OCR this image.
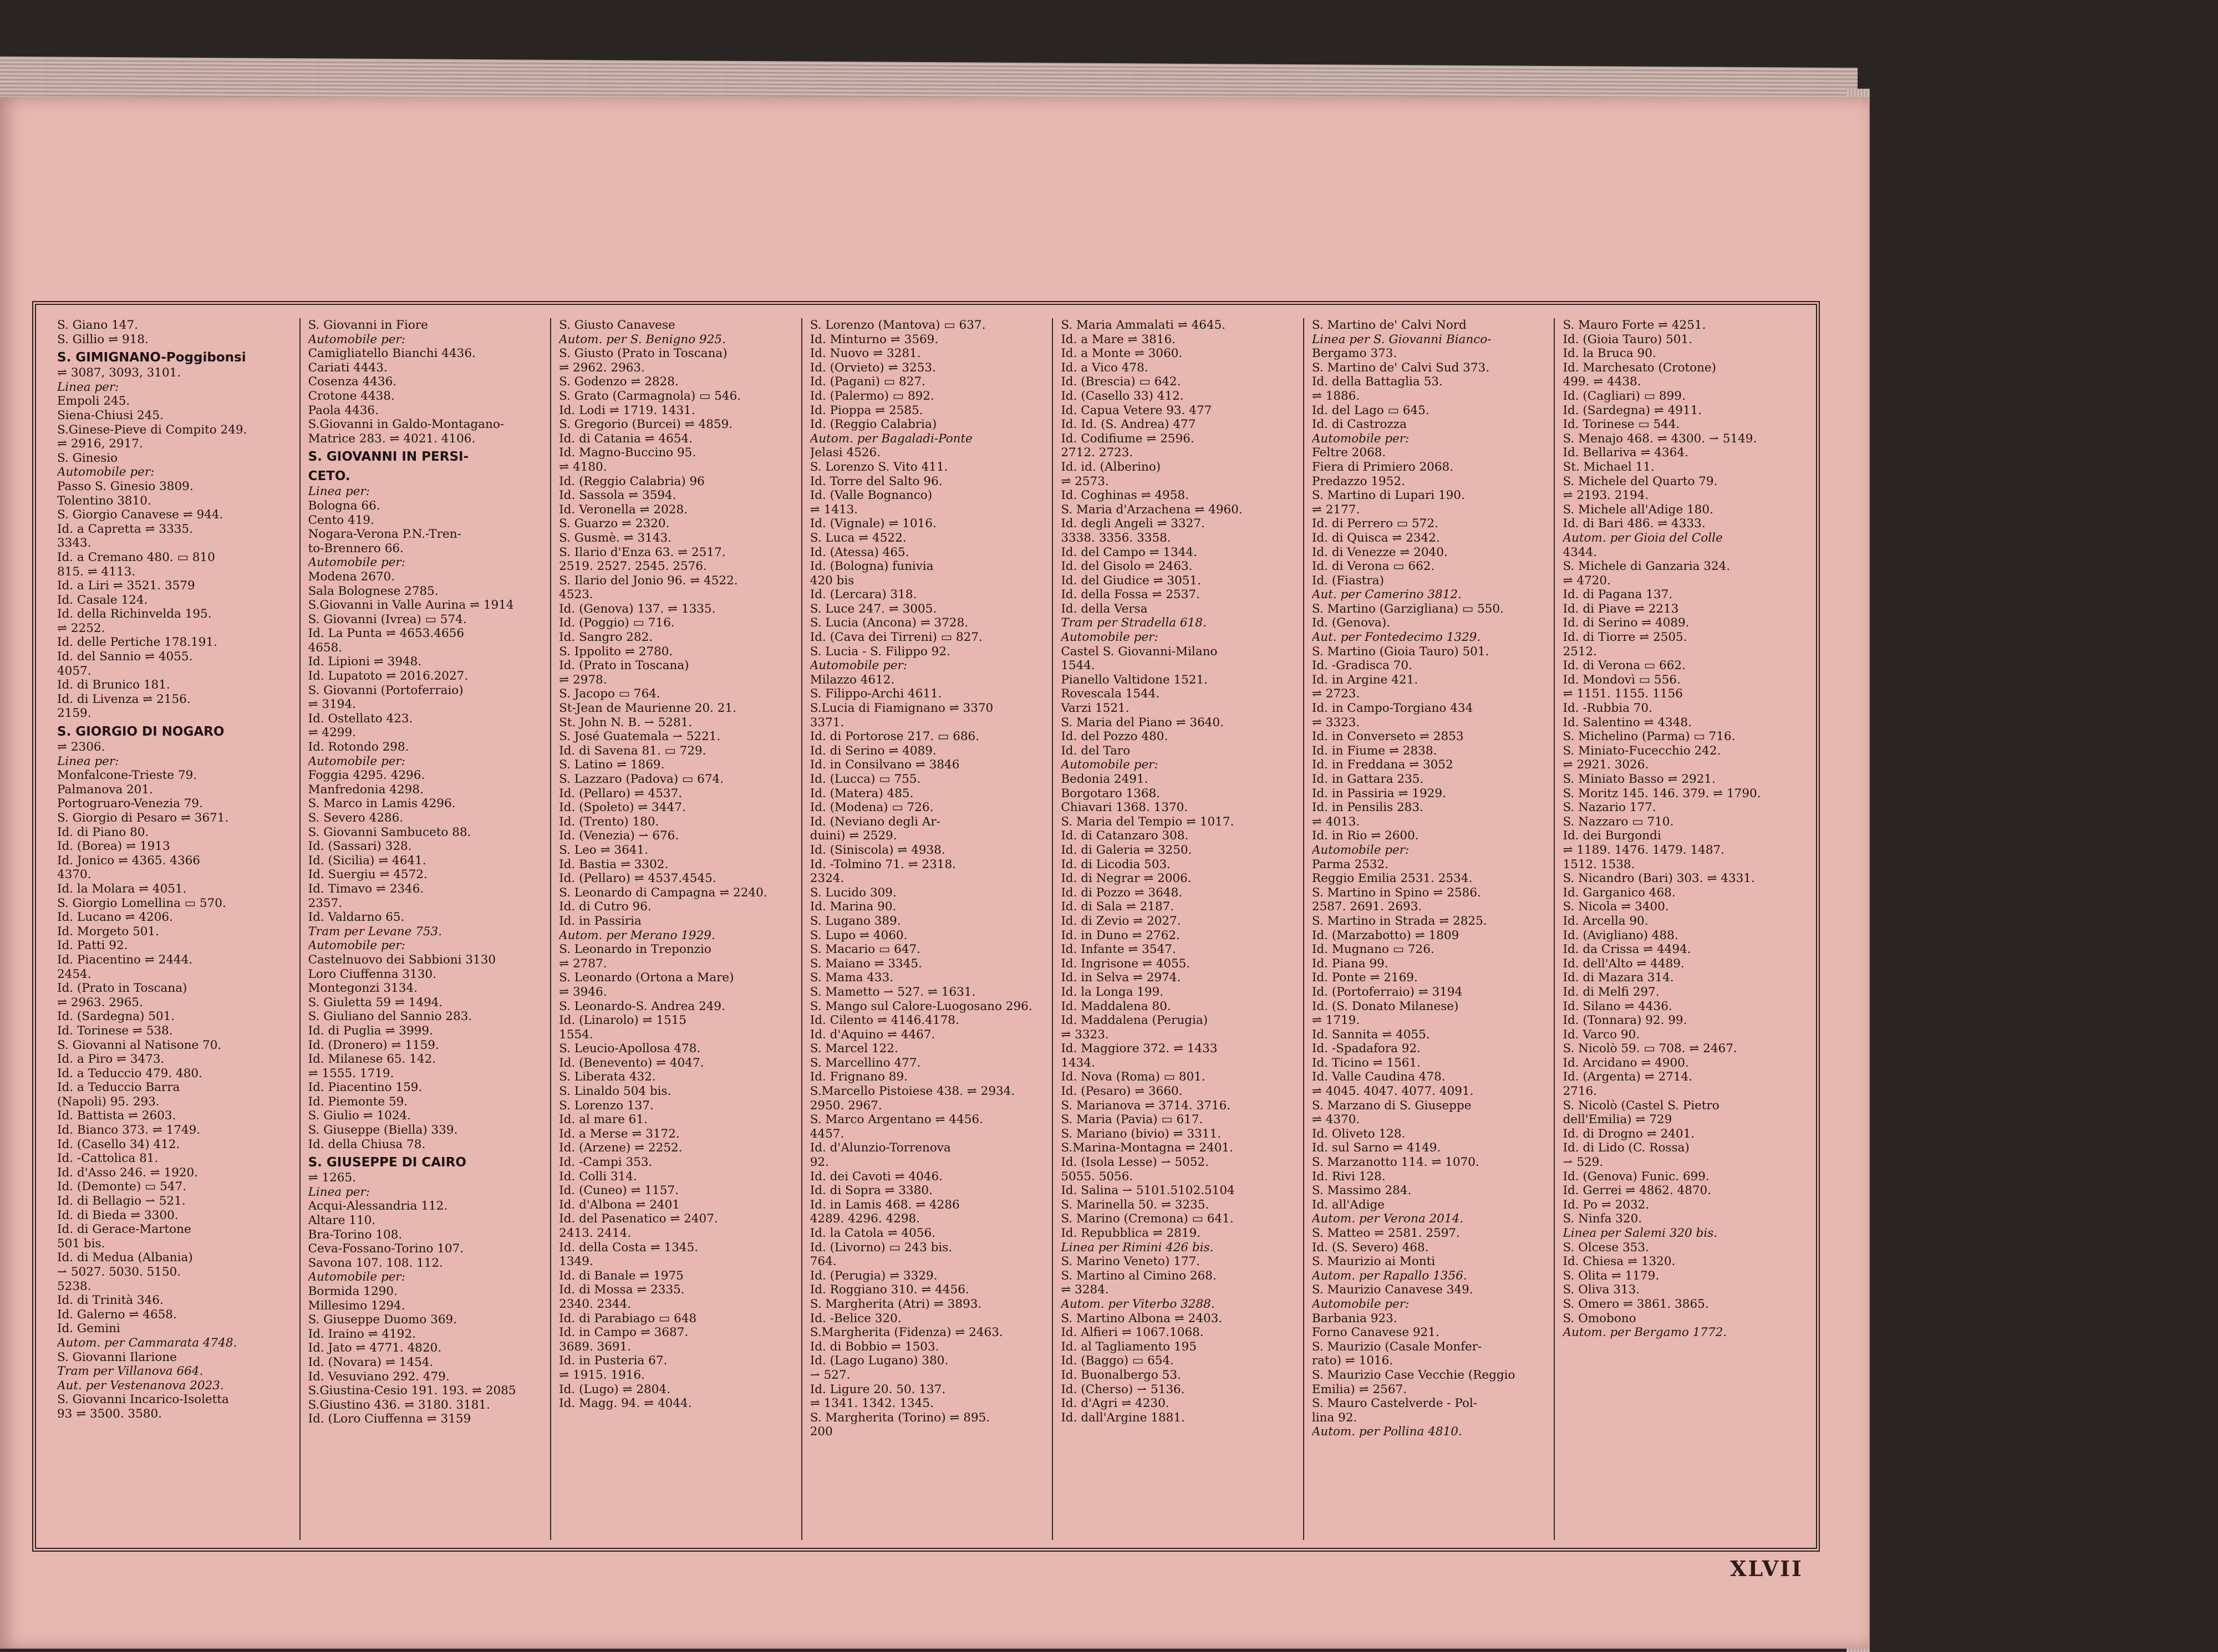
S. Giano 147.
S. Gillio ⇌ 918.
S. GIMIGNANO-Poggibonsi
⇌ 3087, 3093, 3101.
Linea per:
Empoli 245.
Siena-Chiusi 245.
S.Ginese-Pieve di Compito 249.
⇌ 2916, 2917.
S. Ginesio
Automobile per:
Passo S. Ginesio 3809.
Tolentino 3810.
S. Giorgio Canavese ⇌ 944.
Id. a Capretta ⇌ 3335.
3343.
Id. a Cremano 480. ▭ 810
815. ⇌ 4113.
Id. a Liri ⇌ 3521. 3579
Id. Casale 124.
Id. della Richinvelda 195.
⇌ 2252.
Id. delle Pertiche 178.191.
Id. del Sannio ⇌ 4055.
4057.
Id. di Brunico 181.
Id. di Livenza ⇌ 2156.
2159.
S. GIORGIO DI NOGARO
⇌ 2306.
Linea per:
Monfalcone-Trieste 79.
Palmanova 201.
Portogruaro-Venezia 79.
S. Giorgio di Pesaro ⇌ 3671.
Id. di Piano 80.
Id. (Borea) ⇌ 1913
Id. Jonico ⇌ 4365. 4366
4370.
Id. la Molara ⇌ 4051.
S. Giorgio Lomellina ▭ 570.
Id. Lucano ⇌ 4206.
Id. Morgeto 501.
Id. Patti 92.
Id. Piacentino ⇌ 2444.
2454.
Id. (Prato in Toscana)
⇌ 2963. 2965.
Id. (Sardegna) 501.
Id. Torinese ⇌ 538.
S. Giovanni al Natisone 70.
Id. a Piro ⇌ 3473.
Id. a Teduccio 479. 480.
Id. a Teduccio Barra
(Napoli) 95. 293.
Id. Battista ⇌ 2603.
Id. Bianco 373. ⇌ 1749.
Id. (Casello 34) 412.
Id. -Cattolica 81.
Id. d'Asso 246. ⇌ 1920.
Id. (Demonte) ▭ 547.
Id. di Bellagio ⇀ 521.
Id. di Bieda ⇌ 3300.
Id. di Gerace-Martone
501 bis.
Id. di Medua (Albania)
⇀ 5027. 5030. 5150.
5238.
Id. di Trinità 346.
Id. Galerno ⇌ 4658.
Id. Gemini
Autom. per Cammarata 4748.
S. Giovanni Ilarione
Tram per Villanova 664.
Aut. per Vestenanova 2023.
S. Giovanni Incarico-Isoletta
93 ⇌ 3500. 3580.
S. Giovanni in Fiore
Automobile per:
Camigliatello Bianchi 4436.
Cariati 4443.
Cosenza 4436.
Crotone 4438.
Paola 4436.
S.Giovanni in Galdo-Montagano-
Matrice 283. ⇌ 4021. 4106.
S. GIOVANNI IN PERSI-
CETO.
Linea per:
Bologna 66.
Cento 419.
Nogara-Verona P.N.-Tren-
to-Brennero 66.
Automobile per:
Modena 2670.
Sala Bolognese 2785.
S.Giovanni in Valle Aurina ⇌ 1914
S. Giovanni (Ivrea) ▭ 574.
Id. La Punta ⇌ 4653.4656
4658.
Id. Lipioni ⇌ 3948.
Id. Lupatoto ⇌ 2016.2027.
S. Giovanni (Portoferraio)
⇌ 3194.
Id. Ostellato 423.
⇌ 4299.
Id. Rotondo 298.
Automobile per:
Foggia 4295. 4296.
Manfredonia 4298.
S. Marco in Lamis 4296.
S. Severo 4286.
S. Giovanni Sambuceto 88.
Id. (Sassari) 328.
Id. (Sicilia) ⇌ 4641.
Id. Suergiu ⇌ 4572.
Id. Timavo ⇌ 2346.
2357.
Id. Valdarno 65.
Tram per Levane 753.
Automobile per:
Castelnuovo dei Sabbioni 3130
Loro Ciuffenna 3130.
Montegonzi 3134.
S. Giuletta 59 ⇌ 1494.
S. Giuliano del Sannio 283.
Id. di Puglia ⇌ 3999.
Id. (Dronero) ⇌ 1159.
Id. Milanese 65. 142.
⇌ 1555. 1719.
Id. Piacentino 159.
Id. Piemonte 59.
S. Giulio ⇌ 1024.
S. Giuseppe (Biella) 339.
Id. della Chiusa 78.
S. GIUSEPPE DI CAIRO
⇌ 1265.
Linea per:
Acqui-Alessandria 112.
Altare 110.
Bra-Torino 108.
Ceva-Fossano-Torino 107.
Savona 107. 108. 112.
Automobile per:
Bormida 1290.
Millesimo 1294.
S. Giuseppe Duomo 369.
Id. Iraino ⇌ 4192.
Id. Jato ⇌ 4771. 4820.
Id. (Novara) ⇌ 1454.
Id. Vesuviano 292. 479.
S.Giustina-Cesio 191. 193. ⇌ 2085
S.Giustino 436. ⇌ 3180. 3181.
Id. (Loro Ciuffenna ⇌ 3159
S. Giusto Canavese
Autom. per S. Benigno 925.
S. Giusto (Prato in Toscana)
⇌ 2962. 2963.
S. Godenzo ⇌ 2828.
S. Grato (Carmagnola) ▭ 546.
Id. Lodi ⇌ 1719. 1431.
S. Gregorio (Burcei) ⇌ 4859.
Id. di Catania ⇌ 4654.
Id. Magno-Buccino 95.
⇌ 4180.
Id. (Reggio Calabria) 96
Id. Sassola ⇌ 3594.
Id. Veronella ⇌ 2028.
S. Guarzo ⇌ 2320.
S. Gusmè. ⇌ 3143.
S. Ilario d'Enza 63. ⇌ 2517.
2519. 2527. 2545. 2576.
S. Ilario del Jonio 96. ⇌ 4522.
4523.
Id. (Genova) 137. ⇌ 1335.
Id. (Poggio) ▭ 716.
Id. Sangro 282.
S. Ippolito ⇌ 2780.
Id. (Prato in Toscana)
⇌ 2978.
S. Jacopo ▭ 764.
St-Jean de Maurienne 20. 21.
St. John N. B. ⇀ 5281.
S. José Guatemala ⇀ 5221.
Id. di Savena 81. ▭ 729.
S. Latino ⇌ 1869.
S. Lazzaro (Padova) ▭ 674.
Id. (Pellaro) ⇌ 4537.
Id. (Spoleto) ⇌ 3447.
Id. (Trento) 180.
Id. (Venezia) ⇀ 676.
S. Leo ⇌ 3641.
Id. Bastia ⇌ 3302.
Id. (Pellaro) ⇌ 4537.4545.
S. Leonardo di Campagna ⇌ 2240.
Id. di Cutro 96.
Id. in Passiria
Autom. per Merano 1929.
S. Leonardo in Treponzio
⇌ 2787.
S. Leonardo (Ortona a Mare)
⇌ 3946.
S. Leonardo-S. Andrea 249.
Id. (Linarolo) ⇌ 1515
1554.
S. Leucio-Apollosa 478.
Id. (Benevento) ⇌ 4047.
S. Liberata 432.
S. Linaldo 504 bis.
S. Lorenzo 137.
Id. al mare 61.
Id. a Merse ⇌ 3172.
Id. (Arzene) ⇌ 2252.
Id. -Campi 353.
Id. Colli 314.
Id. (Cuneo) ⇌ 1157.
Id. d'Albona ⇌ 2401
Id. del Pasenatico ⇌ 2407.
2413. 2414.
Id. della Costa ⇌ 1345.
1349.
Id. di Banale ⇌ 1975
Id. di Mossa ⇌ 2335.
2340. 2344.
Id. di Parabiago ▭ 648
Id. in Campo ⇌ 3687.
3689. 3691.
Id. in Pusteria 67.
⇌ 1915. 1916.
Id. (Lugo) ⇌ 2804.
Id. Magg. 94. ⇌ 4044.
S. Lorenzo (Mantova) ▭ 637.
Id. Minturno ⇌ 3569.
Id. Nuovo ⇌ 3281.
Id. (Orvieto) ⇌ 3253.
Id. (Pagani) ▭ 827.
Id. (Palermo) ▭ 892.
Id. Pioppa ⇌ 2585.
Id. (Reggio Calabria)
Autom. per Bagaladi-Ponte
Jelasi 4526.
S. Lorenzo S. Vito 411.
Id. Torre del Salto 96.
Id. (Valle Bognanco)
⇌ 1413.
Id. (Vignale) ⇌ 1016.
S. Luca ⇌ 4522.
Id. (Atessa) 465.
Id. (Bologna) funivia
420 bis
Id. (Lercara) 318.
S. Luce 247. ⇌ 3005.
S. Lucia (Ancona) ⇌ 3728.
Id. (Cava dei Tirreni) ▭ 827.
S. Lucia - S. Filippo 92.
Automobile per:
Milazzo 4612.
S. Filippo-Archi 4611.
S.Lucia di Fiamignano ⇌ 3370
3371.
Id. di Portorose 217. ▭ 686.
Id. di Serino ⇌ 4089.
Id. in Consilvano ⇌ 3846
Id. (Lucca) ▭ 755.
Id. (Matera) 485.
Id. (Modena) ▭ 726.
Id. (Neviano degli Ar-
duini) ⇌ 2529.
Id. (Siniscola) ⇌ 4938.
Id. -Tolmino 71. ⇌ 2318.
2324.
S. Lucido 309.
Id. Marina 90.
S. Lugano 389.
S. Lupo ⇌ 4060.
S. Macario ▭ 647.
S. Maiano ⇌ 3345.
S. Mama 433.
S. Mametto ⇀ 527. ⇌ 1631.
S. Mango sul Calore-Luogosano 296.
Id. Cilento ⇌ 4146.4178.
Id. d'Aquino ⇌ 4467.
S. Marcel 122.
S. Marcellino 477.
Id. Frignano 89.
S.Marcello Pistoiese 438. ⇌ 2934.
2950. 2967.
S. Marco Argentano ⇌ 4456.
4457.
Id. d'Alunzio-Torrenova
92.
Id. dei Cavoti ⇌ 4046.
Id. di Sopra ⇌ 3380.
Id. in Lamis 468. ⇌ 4286
4289. 4296. 4298.
Id. la Catola ⇌ 4056.
Id. (Livorno) ▭ 243 bis.
764.
Id. (Perugia) ⇌ 3329.
Id. Roggiano 310. ⇌ 4456.
S. Margherita (Atri) ⇌ 3893.
Id. -Belice 320.
S.Margherita (Fidenza) ⇌ 2463.
Id. di Bobbio ⇌ 1503.
Id. (Lago Lugano) 380.
⇀ 527.
Id. Ligure 20. 50. 137.
⇌ 1341. 1342. 1345.
S. Margherita (Torino) ⇌ 895.
200
S. Maria Ammalati ⇌ 4645.
Id. a Mare ⇌ 3816.
Id. a Monte ⇌ 3060.
Id. a Vico 478.
Id. (Brescia) ▭ 642.
Id. (Casello 33) 412.
Id. Capua Vetere 93. 477
Id. Id. (S. Andrea) 477
Id. Codifiume ⇌ 2596.
2712. 2723.
Id. id. (Alberino)
⇌ 2573.
Id. Coghinas ⇌ 4958.
S. Maria d'Arzachena ⇌ 4960.
Id. degli Angeli ⇌ 3327.
3338. 3356. 3358.
Id. del Campo ⇌ 1344.
Id. del Gisolo ⇌ 2463.
Id. del Giudice ⇌ 3051.
Id. della Fossa ⇌ 2537.
Id. della Versa
Tram per Stradella 618.
Automobile per:
Castel S. Giovanni-Milano
1544.
Pianello Valtidone 1521.
Rovescala 1544.
Varzi 1521.
S. Maria del Piano ⇌ 3640.
Id. del Pozzo 480.
Id. del Taro
Automobile per:
Bedonia 2491.
Borgotaro 1368.
Chiavari 1368. 1370.
S. Maria del Tempio ⇌ 1017.
Id. di Catanzaro 308.
Id. di Galeria ⇌ 3250.
Id. di Licodia 503.
Id. di Negrar ⇌ 2006.
Id. di Pozzo ⇌ 3648.
Id. di Sala ⇌ 2187.
Id. di Zevio ⇌ 2027.
Id. in Duno ⇌ 2762.
Id. Infante ⇌ 3547.
Id. Ingrisone ⇌ 4055.
Id. in Selva ⇌ 2974.
Id. la Longa 199.
Id. Maddalena 80.
Id. Maddalena (Perugia)
⇌ 3323.
Id. Maggiore 372. ⇌ 1433
1434.
Id. Nova (Roma) ▭ 801.
Id. (Pesaro) ⇌ 3660.
S. Marianova ⇌ 3714. 3716.
S. Maria (Pavia) ▭ 617.
S. Mariano (bivio) ⇌ 3311.
S.Marina-Montagna ⇌ 2401.
Id. (Isola Lesse) ⇀ 5052.
5055. 5056.
Id. Salina ⇀ 5101.5102.5104
S. Marinella 50. ⇌ 3235.
S. Marino (Cremona) ▭ 641.
Id. Repubblica ⇌ 2819.
Linea per Rimini 426 bis.
S. Marino Veneto) 177.
S. Martino al Cimino 268.
⇌ 3284.
Autom. per Viterbo 3288.
S. Martino Albona ⇌ 2403.
Id. Alfieri ⇌ 1067.1068.
Id. al Tagliamento 195
Id. (Baggo) ▭ 654.
Id. Buonalbergo 53.
Id. (Cherso) ⇀ 5136.
Id. d'Agri ⇌ 4230.
Id. dall'Argine 1881.
S. Martino de' Calvi Nord
Linea per S. Giovanni Bianco-
Bergamo 373.
S. Martino de' Calvi Sud 373.
Id. della Battaglia 53.
⇌ 1886.
Id. del Lago ▭ 645.
Id. di Castrozza
Automobile per:
Feltre 2068.
Fiera di Primiero 2068.
Predazzo 1952.
S. Martino di Lupari 190.
⇌ 2177.
Id. di Perrero ▭ 572.
Id. di Quisca ⇌ 2342.
Id. di Venezze ⇌ 2040.
Id. di Verona ▭ 662.
Id. (Fiastra)
Aut. per Camerino 3812.
S. Martino (Garzigliana) ▭ 550.
Id. (Genova).
Aut. per Fontedecimo 1329.
S. Martino (Gioia Tauro) 501.
Id. -Gradisca 70.
Id. in Argine 421.
⇌ 2723.
Id. in Campo-Torgiano 434
⇌ 3323.
Id. in Converseto ⇌ 2853
Id. in Fiume ⇌ 2838.
Id. in Freddana ⇌ 3052
Id. in Gattara 235.
Id. in Passiria ⇌ 1929.
Id. in Pensilis 283.
⇌ 4013.
Id. in Rio ⇌ 2600.
Automobile per:
Parma 2532.
Reggio Emilia 2531. 2534.
S. Martino in Spino ⇌ 2586.
2587. 2691. 2693.
S. Martino in Strada ⇌ 2825.
Id. (Marzabotto) ⇌ 1809
Id. Mugnano ▭ 726.
Id. Piana 99.
Id. Ponte ⇌ 2169.
Id. (Portoferraio) ⇌ 3194
Id. (S. Donato Milanese)
⇌ 1719.
Id. Sannita ⇌ 4055.
Id. -Spadafora 92.
Id. Ticino ⇌ 1561.
Id. Valle Caudina 478.
⇌ 4045. 4047. 4077. 4091.
S. Marzano di S. Giuseppe
⇌ 4370.
Id. Oliveto 128.
Id. sul Sarno ⇌ 4149.
S. Marzanotto 114. ⇌ 1070.
Id. Rivi 128.
S. Massimo 284.
Id. all'Adige
Autom. per Verona 2014.
S. Matteo ⇌ 2581. 2597.
Id. (S. Severo) 468.
S. Maurizio ai Monti
Autom. per Rapallo 1356.
S. Maurizio Canavese 349.
Automobile per:
Barbania 923.
Forno Canavese 921.
S. Maurizio (Casale Monfer-
rato) ⇌ 1016.
S. Maurizio Case Vecchie (Reggio
Emilia) ⇌ 2567.
S. Mauro Castelverde - Pol-
lina 92.
Autom. per Pollina 4810.
S. Mauro Forte ⇌ 4251.
Id. (Gioia Tauro) 501.
Id. la Bruca 90.
Id. Marchesato (Crotone)
499. ⇌ 4438.
Id. (Cagliari) ▭ 899.
Id. (Sardegna) ⇌ 4911.
Id. Torinese ▭ 544.
S. Menajo 468. ⇌ 4300. ⇀ 5149.
Id. Bellariva ⇌ 4364.
St. Michael 11.
S. Michele del Quarto 79.
⇌ 2193. 2194.
S. Michele all'Adige 180.
Id. di Bari 486. ⇌ 4333.
Autom. per Gioia del Colle
4344.
S. Michele di Ganzaria 324.
⇌ 4720.
Id. di Pagana 137.
Id. di Piave ⇌ 2213
Id. di Serino ⇌ 4089.
Id. di Tiorre ⇌ 2505.
2512.
Id. di Verona ▭ 662.
Id. Mondovì ▭ 556.
⇌ 1151. 1155. 1156
Id. -Rubbia 70.
Id. Salentino ⇌ 4348.
S. Michelino (Parma) ▭ 716.
S. Miniato-Fucecchio 242.
⇌ 2921. 3026.
S. Miniato Basso ⇌ 2921.
S. Moritz 145. 146. 379. ⇌ 1790.
S. Nazario 177.
S. Nazzaro ▭ 710.
Id. dei Burgondi
⇌ 1189. 1476. 1479. 1487.
1512. 1538.
S. Nicandro (Bari) 303. ⇌ 4331.
Id. Garganico 468.
S. Nicola ⇌ 3400.
Id. Arcella 90.
Id. (Avigliano) 488.
Id. da Crissa ⇌ 4494.
Id. dell'Alto ⇌ 4489.
Id. di Mazara 314.
Id. di Melfi 297.
Id. Silano ⇌ 4436.
Id. (Tonnara) 92. 99.
Id. Varco 90.
S. Nicolò 59. ▭ 708. ⇌ 2467.
Id. Arcidano ⇌ 4900.
Id. (Argenta) ⇌ 2714.
2716.
S. Nicolò (Castel S. Pietro
dell'Emilia) ⇌ 729
Id. di Drogno ⇌ 2401.
Id. di Lido (C. Rossa)
⇀ 529.
Id. (Genova) Funic. 699.
Id. Gerrei ⇌ 4862. 4870.
Id. Po ⇌ 2032.
S. Ninfa 320.
Linea per Salemi 320 bis.
S. Olcese 353.
Id. Chiesa ⇌ 1320.
S. Olita ⇌ 1179.
S. Oliva 313.
S. Omero ⇌ 3861. 3865.
S. Omobono
Autom. per Bergamo 1772.
XLVII
